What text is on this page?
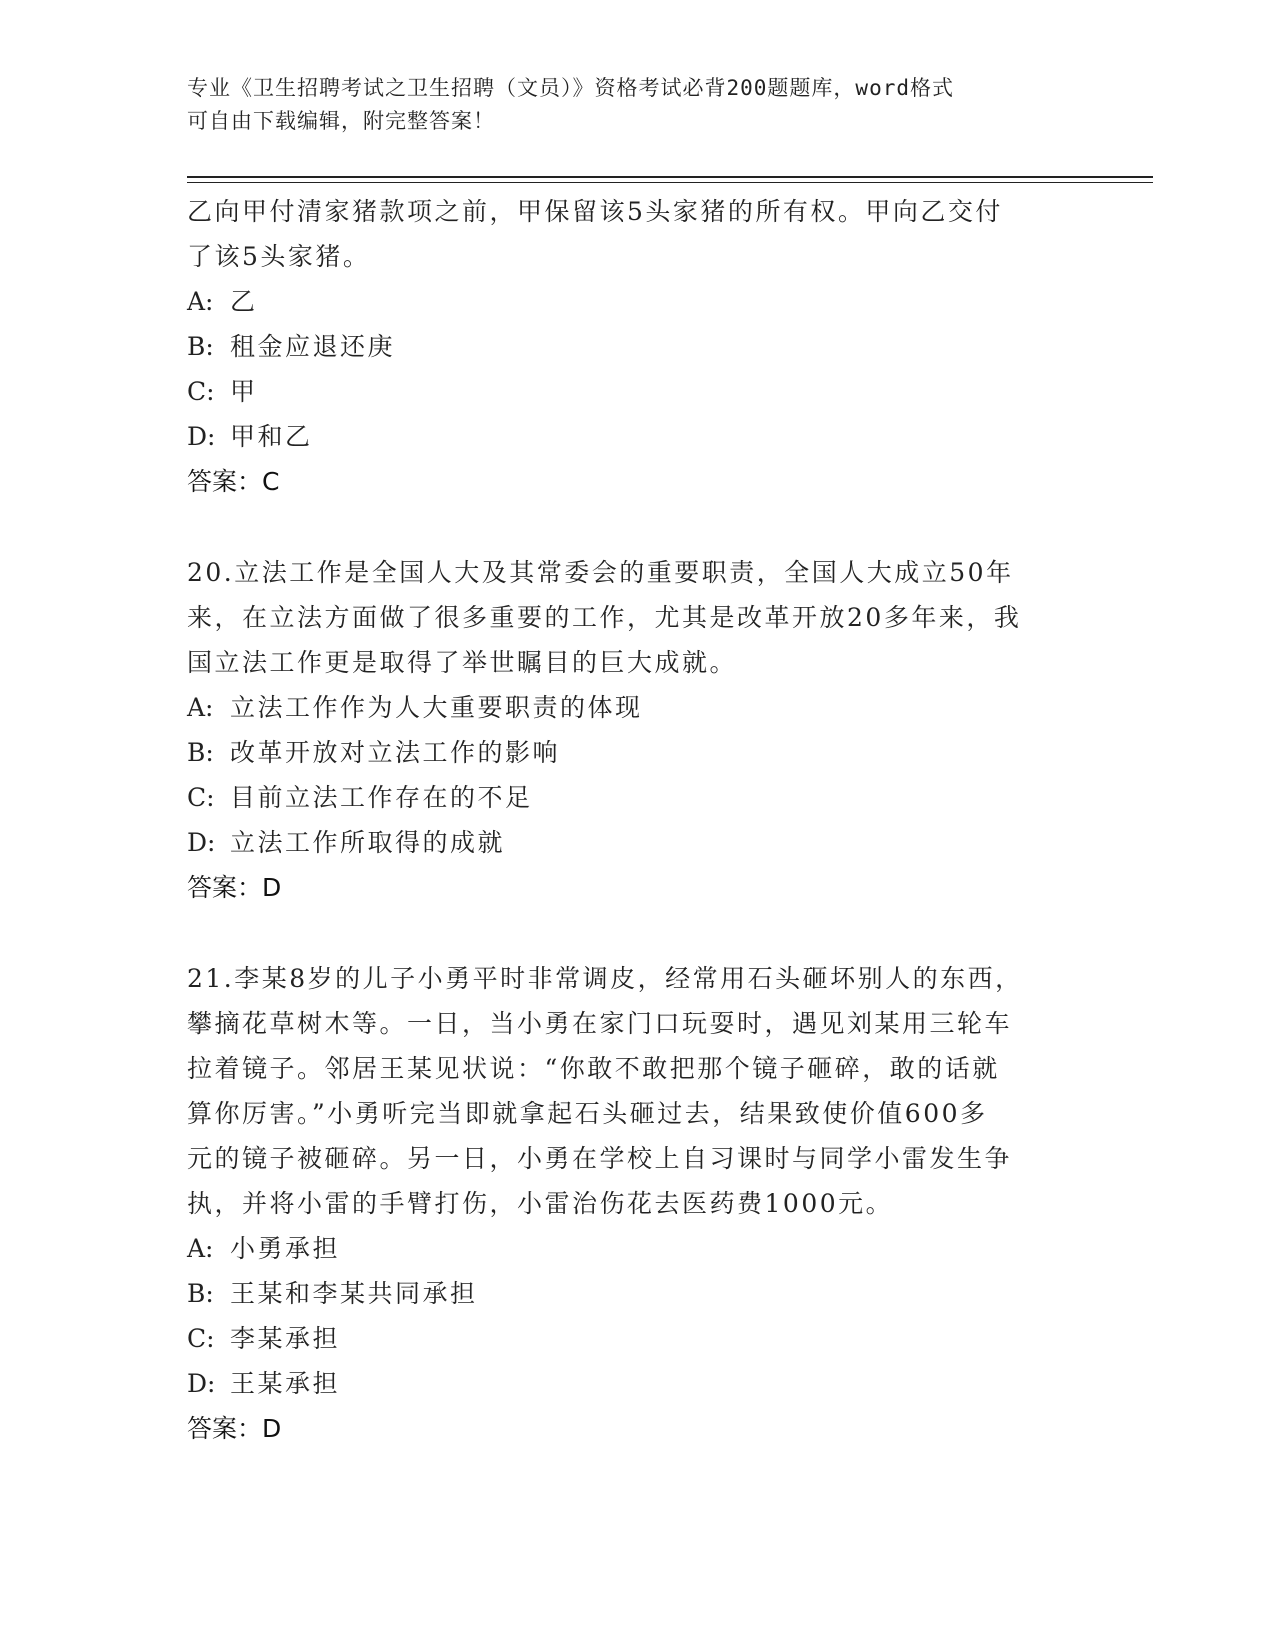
专业《卫生招聘考试之卫生招聘（文员）》资格考试必背200题题库，word格式
可自由下载编辑，附完整答案！
乙向甲付清家猪款项之前，甲保留该5头家猪的所有权。甲向乙交付
了该5头家猪。
A: 乙
B: 租金应退还庚
C: 甲
D: 甲和乙
答案：C
20.立法工作是全国人大及其常委会的重要职责，全国人大成立50年
来，在立法方面做了很多重要的工作，尤其是改革开放20多年来，我
国立法工作更是取得了举世瞩目的巨大成就。
A: 立法工作作为人大重要职责的体现
B: 改革开放对立法工作的影响
C: 目前立法工作存在的不足
D: 立法工作所取得的成就
答案：D
21.李某8岁的儿子小勇平时非常调皮，经常用石头砸坏别人的东西，
攀摘花草树木等。一日，当小勇在家门口玩耍时，遇见刘某用三轮车
拉着镜子。邻居王某见状说：“你敢不敢把那个镜子砸碎，敢的话就
算你厉害。”小勇听完当即就拿起石头砸过去，结果致使价值600多
元的镜子被砸碎。另一日，小勇在学校上自习课时与同学小雷发生争
执，并将小雷的手臂打伤，小雷治伤花去医药费1000元。
A: 小勇承担
B: 王某和李某共同承担
C: 李某承担
D: 王某承担
答案：D
